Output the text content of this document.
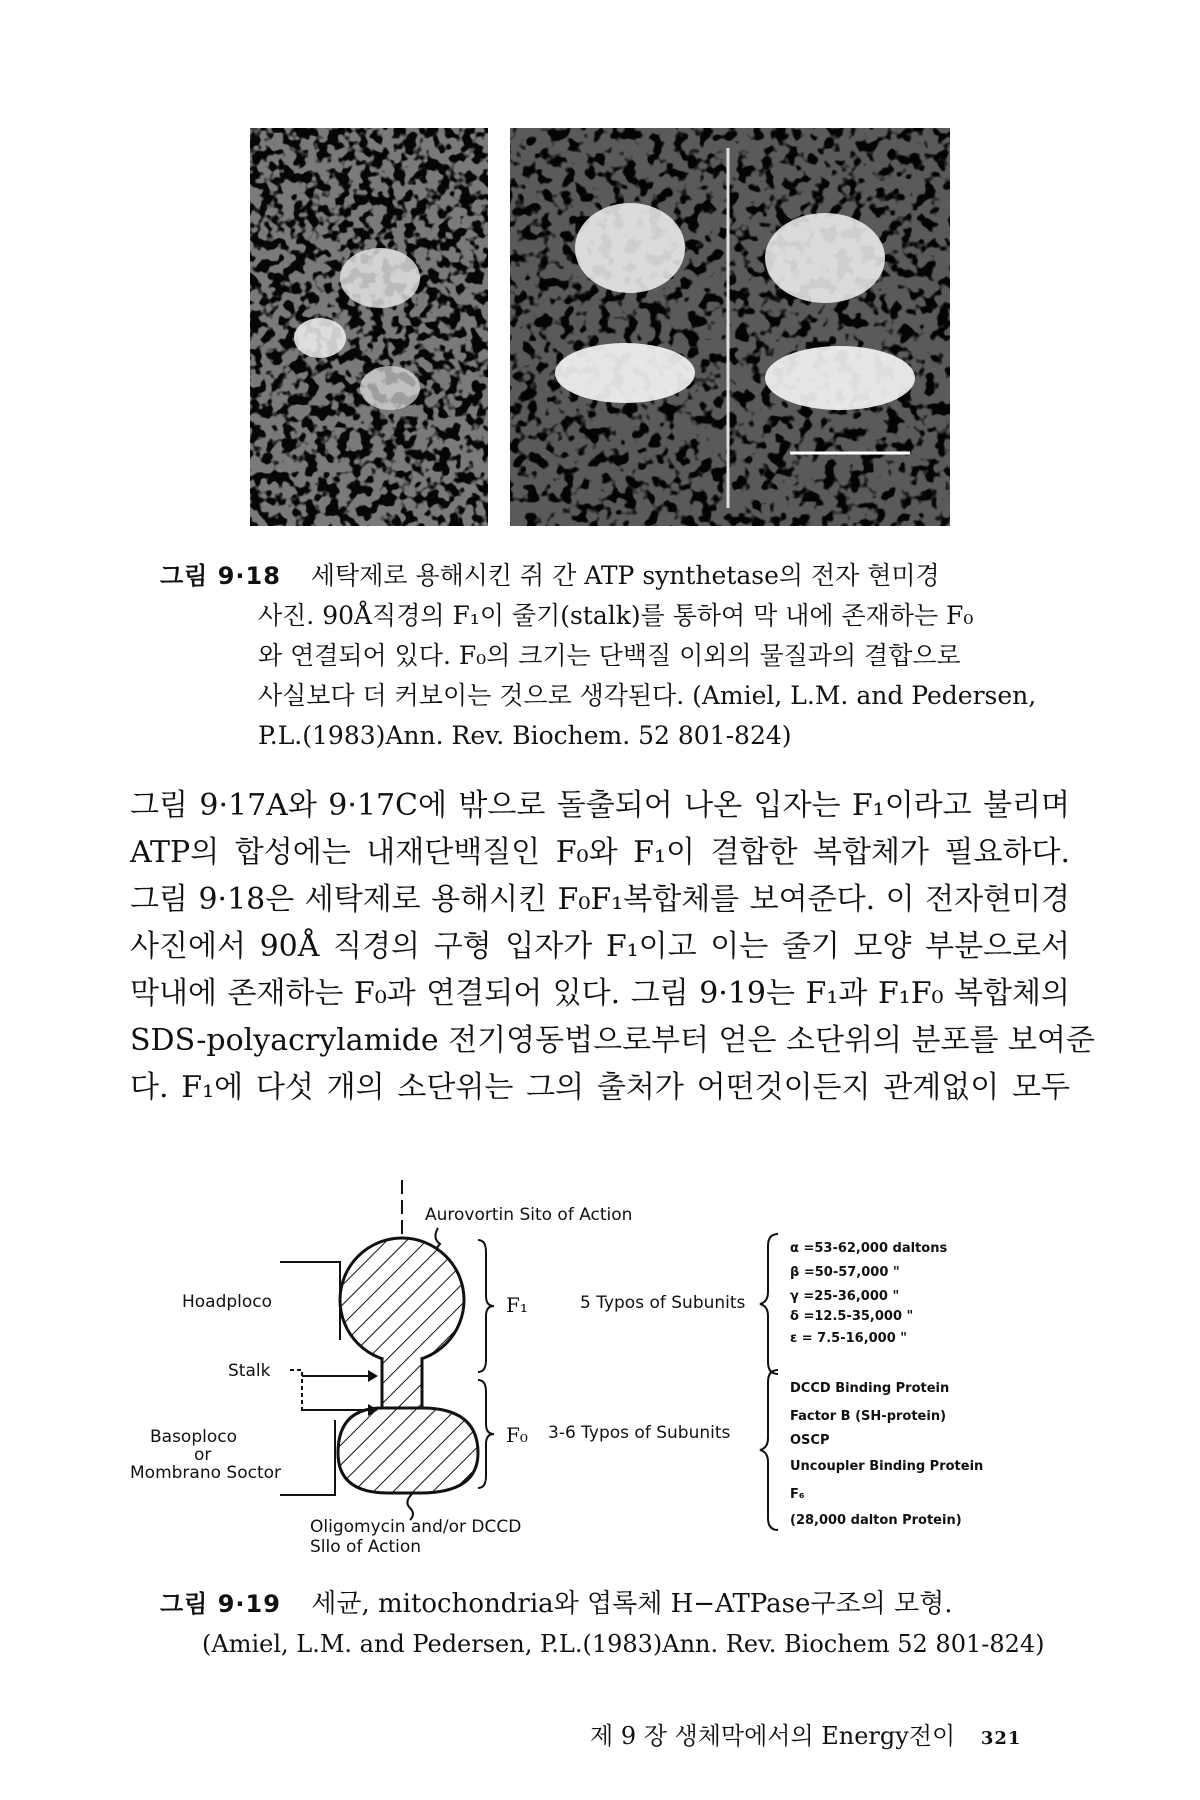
그림 9·18 세탁제로 용해시킨 쥐 간 ATP synthetase의 전자 현미경
사진. 90Å직경의 F₁이 줄기(stalk)를 통하여 막 내에 존재하는 F₀
와 연결되어 있다. F₀의 크기는 단백질 이외의 물질과의 결합으로
사실보다 더 커보이는 것으로 생각된다. (Amiel, L.M. and Pedersen,
P.L.(1983)Ann. Rev. Biochem. 52 801-824)
그림 9·17A와 9·17C에 밖으로 돌출되어 나온 입자는 F₁이라고 불리며
ATP의 합성에는 내재단백질인 F₀와 F₁이 결합한 복합체가 필요하다.
그림 9·18은 세탁제로 용해시킨 F₀F₁복합체를 보여준다. 이 전자현미경
사진에서 90Å 직경의 구형 입자가 F₁이고 이는 줄기 모양 부분으로서
막내에 존재하는 F₀과 연결되어 있다. 그림 9·19는 F₁과 F₁F₀ 복합체의
SDS-polyacrylamide 전기영동법으로부터 얻은 소단위의 분포를 보여준
다. F₁에 다섯 개의 소단위는 그의 출처가 어떤것이든지 관계없이 모두
Aurovortin Sito of Action
Hoadploco
Stalk
Basoploco
or
Mombrano Soctor
Oligomycin and/or DCCD
Sllo of Action
F₁
F₀
5 Typos of Subunits
3-6 Typos of Subunits
α =53-62,000 daltons
β =50-57,000 "
γ =25-36,000 "
δ =12.5-35,000 "
ε = 7.5-16,000 "
DCCD Binding Protein
Factor B (SH-protein)
OSCP
Uncoupler Binding Protein
F₆
(28,000 dalton Protein)
그림 9·19 세균, mitochondria와 엽록체 H−ATPase구조의 모형.
(Amiel, L.M. and Pedersen, P.L.(1983)Ann. Rev. Biochem 52 801-824)
제 9 장 생체막에서의 Energy전이 321
